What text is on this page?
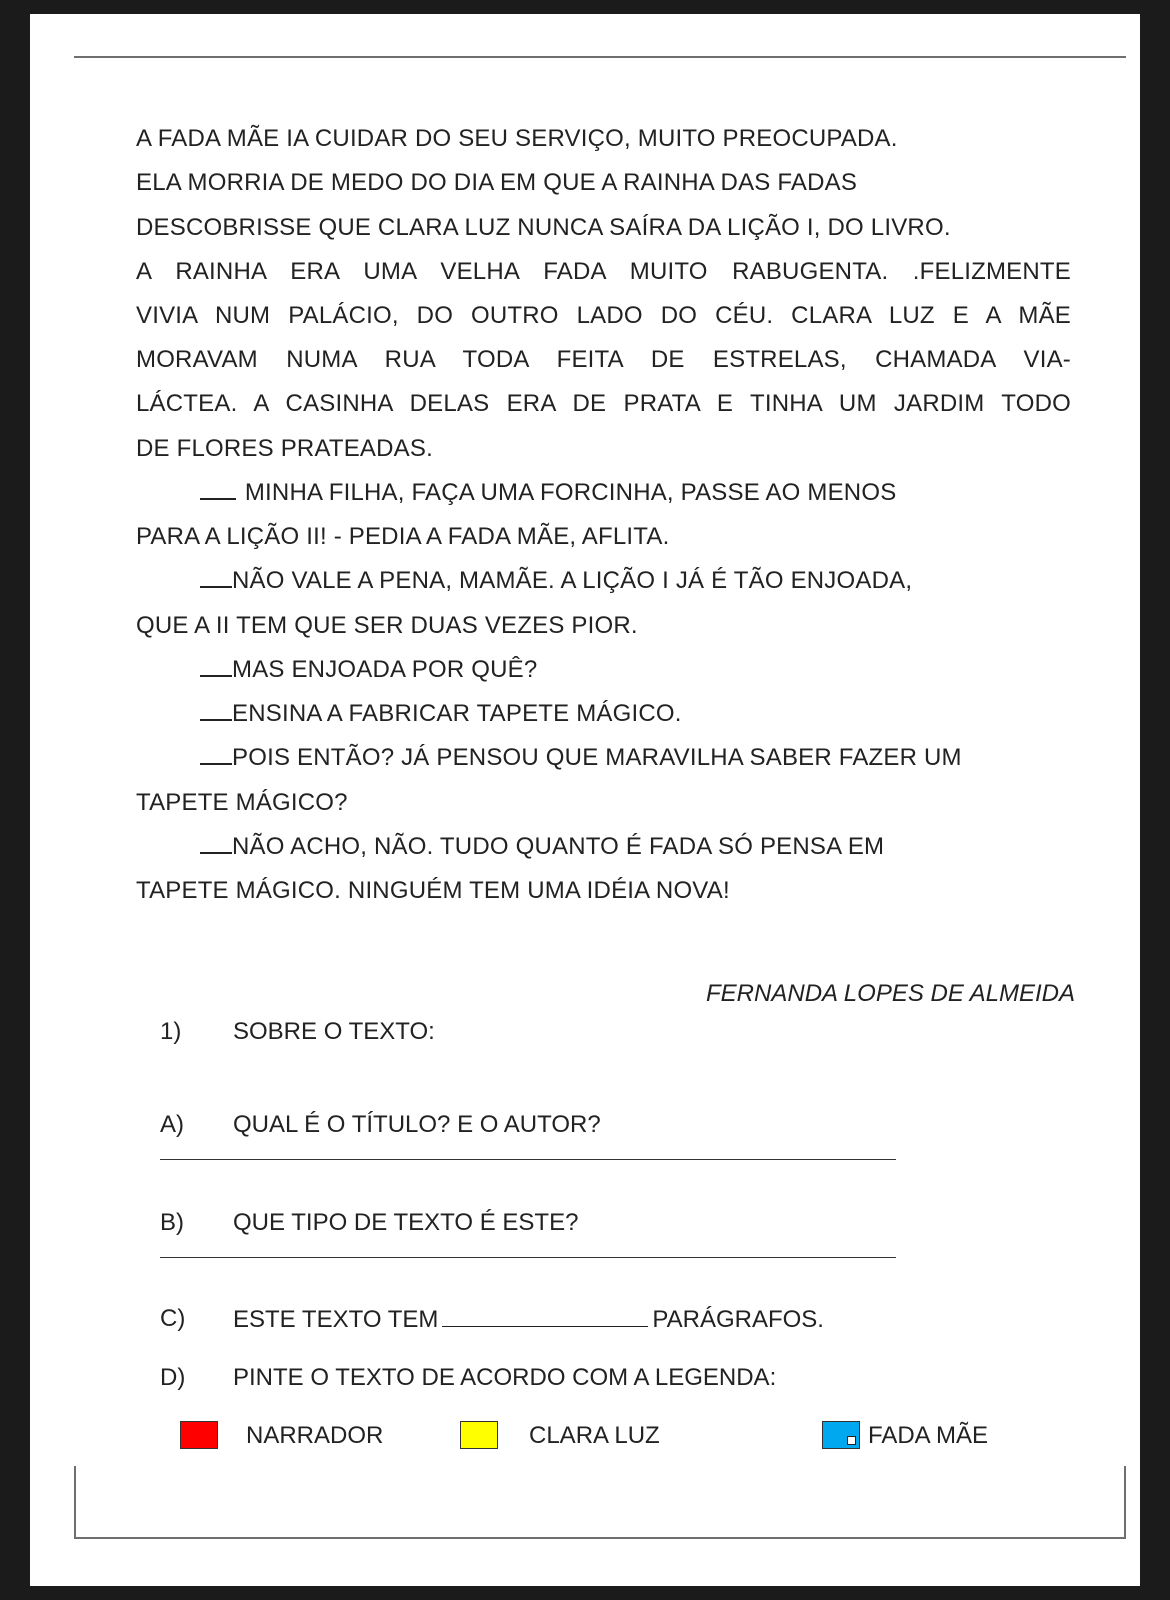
A FADA MÃE IA CUIDAR DO SEU SERVIÇO, MUITO PREOCUPADA.
ELA MORRIA DE MEDO DO DIA EM QUE A RAINHA DAS FADAS
DESCOBRISSE QUE CLARA LUZ NUNCA SAÍRA DA LIÇÃO I, DO LIVRO.
A RAINHA ERA UMA VELHA FADA MUITO RABUGENTA. .FELIZMENTE
VIVIA NUM PALÁCIO, DO OUTRO LADO DO CÉU. CLARA LUZ E A MÃE
MORAVAM NUMA RUA TODA FEITA DE ESTRELAS, CHAMADA VIA-
LÁCTEA. A CASINHA DELAS ERA DE PRATA E TINHA UM JARDIM TODO
DE FLORES PRATEADAS.
MINHA FILHA, FAÇA UMA FORCINHA, PASSE AO MENOS
PARA A LIÇÃO II! - PEDIA A FADA MÃE, AFLITA.
NÃO VALE A PENA, MAMÃE. A LIÇÃO I JÁ É TÃO ENJOADA,
QUE A II TEM QUE SER DUAS VEZES PIOR.
MAS ENJOADA POR QUÊ?
ENSINA A FABRICAR TAPETE MÁGICO.
POIS ENTÃO? JÁ PENSOU QUE MARAVILHA SABER FAZER UM
TAPETE MÁGICO?
NÃO ACHO, NÃO. TUDO QUANTO É FADA SÓ PENSA EM
TAPETE MÁGICO. NINGUÉM TEM UMA IDÉIA NOVA!
FERNANDA LOPES DE ALMEIDA
1) SOBRE O TEXTO:
A) QUAL É O TÍTULO? E O AUTOR?
B) QUE TIPO DE TEXTO É ESTE?
C) ESTE TEXTO TEM	PARÁGRAFOS.
D) PINTE O TEXTO DE ACORDO COM A LEGENDA:
NARRADOR	CLARA LUZ	FADA MÃE
